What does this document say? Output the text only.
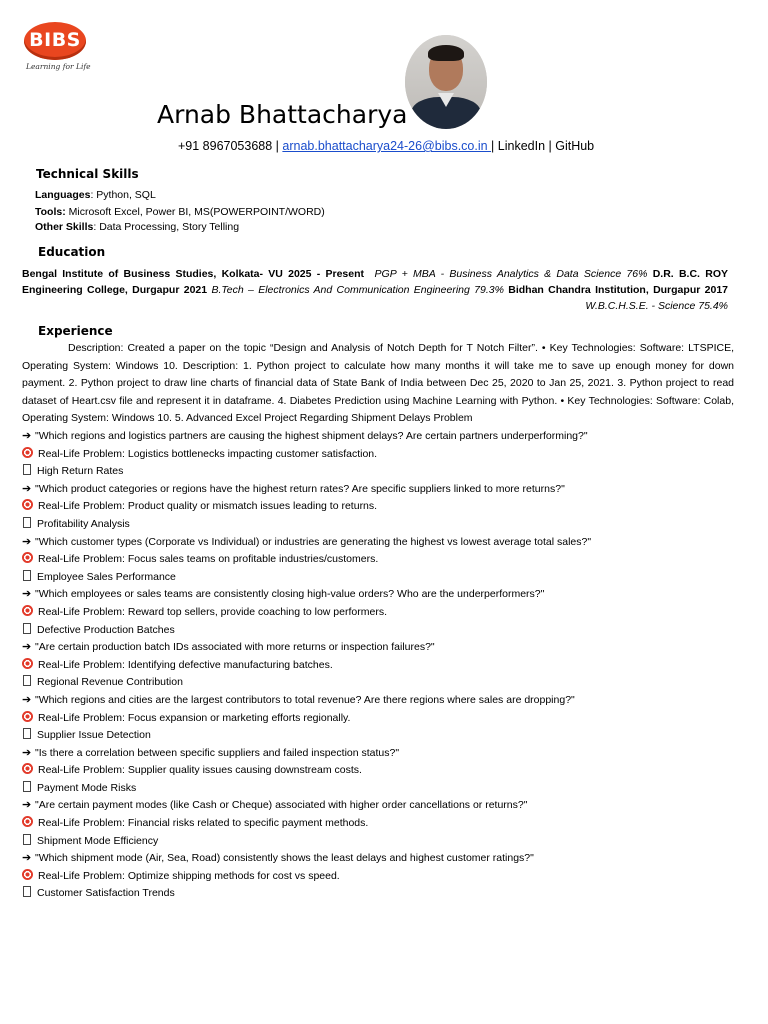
BIBS
Learning for Life
Arnab Bhattacharya
+91 8967053688 | arnab.bhattacharya24-26@bibs.co.in | LinkedIn | GitHub
Technical Skills
Languages: Python, SQL
Tools: Microsoft Excel, Power BI, MS(POWERPOINT/WORD)
Other Skills: Data Processing, Story Telling
Education
Bengal Institute of Business Studies, Kolkata- VU 2025 - Present PGP + MBA - Business Analytics & Data Science 76% D.R. B.C. ROY Engineering College, Durgapur 2021 B.Tech – Electronics And Communication Engineering 79.3% Bidhan Chandra Institution, Durgapur 2017 W.B.C.H.S.E. - Science 75.4%
Experience
Description: Created a paper on the topic “Design and Analysis of Notch Depth for T Notch Filter”. • Key Technologies: Software: LTSPICE, Operating System: Windows 10. Description: 1. Python project to calculate how many months it will take me to save up enough money for down payment. 2. Python project to draw line charts of financial data of State Bank of India between Dec 25, 2020 to Jan 25, 2021. 3. Python project to read dataset of Heart.csv file and represent it in dataframe. 4. Diabetes Prediction using Machine Learning with Python. • Key Technologies: Software: Colab, Operating System: Windows 10. 5. Advanced Excel Project Regarding Shipment Delays Problem
➔ "Which regions and logistics partners are causing the highest shipment delays? Are certain partners underperforming?"
Real-Life Problem: Logistics bottlenecks impacting customer satisfaction.
High Return Rates
➔ "Which product categories or regions have the highest return rates? Are specific suppliers linked to more returns?"
Real-Life Problem: Product quality or mismatch issues leading to returns.
Profitability Analysis
➔ "Which customer types (Corporate vs Individual) or industries are generating the highest vs lowest average total sales?"
Real-Life Problem: Focus sales teams on profitable industries/customers.
Employee Sales Performance
➔ "Which employees or sales teams are consistently closing high-value orders? Who are the underperformers?"
Real-Life Problem: Reward top sellers, provide coaching to low performers.
Defective Production Batches
➔ "Are certain production batch IDs associated with more returns or inspection failures?"
Real-Life Problem: Identifying defective manufacturing batches.
Regional Revenue Contribution
➔ "Which regions and cities are the largest contributors to total revenue? Are there regions where sales are dropping?"
Real-Life Problem: Focus expansion or marketing efforts regionally.
Supplier Issue Detection
➔ "Is there a correlation between specific suppliers and failed inspection status?"
Real-Life Problem: Supplier quality issues causing downstream costs.
Payment Mode Risks
➔ "Are certain payment modes (like Cash or Cheque) associated with higher order cancellations or returns?"
Real-Life Problem: Financial risks related to specific payment methods.
Shipment Mode Efficiency
➔ "Which shipment mode (Air, Sea, Road) consistently shows the least delays and highest customer ratings?"
Real-Life Problem: Optimize shipping methods for cost vs speed.
Customer Satisfaction Trends
